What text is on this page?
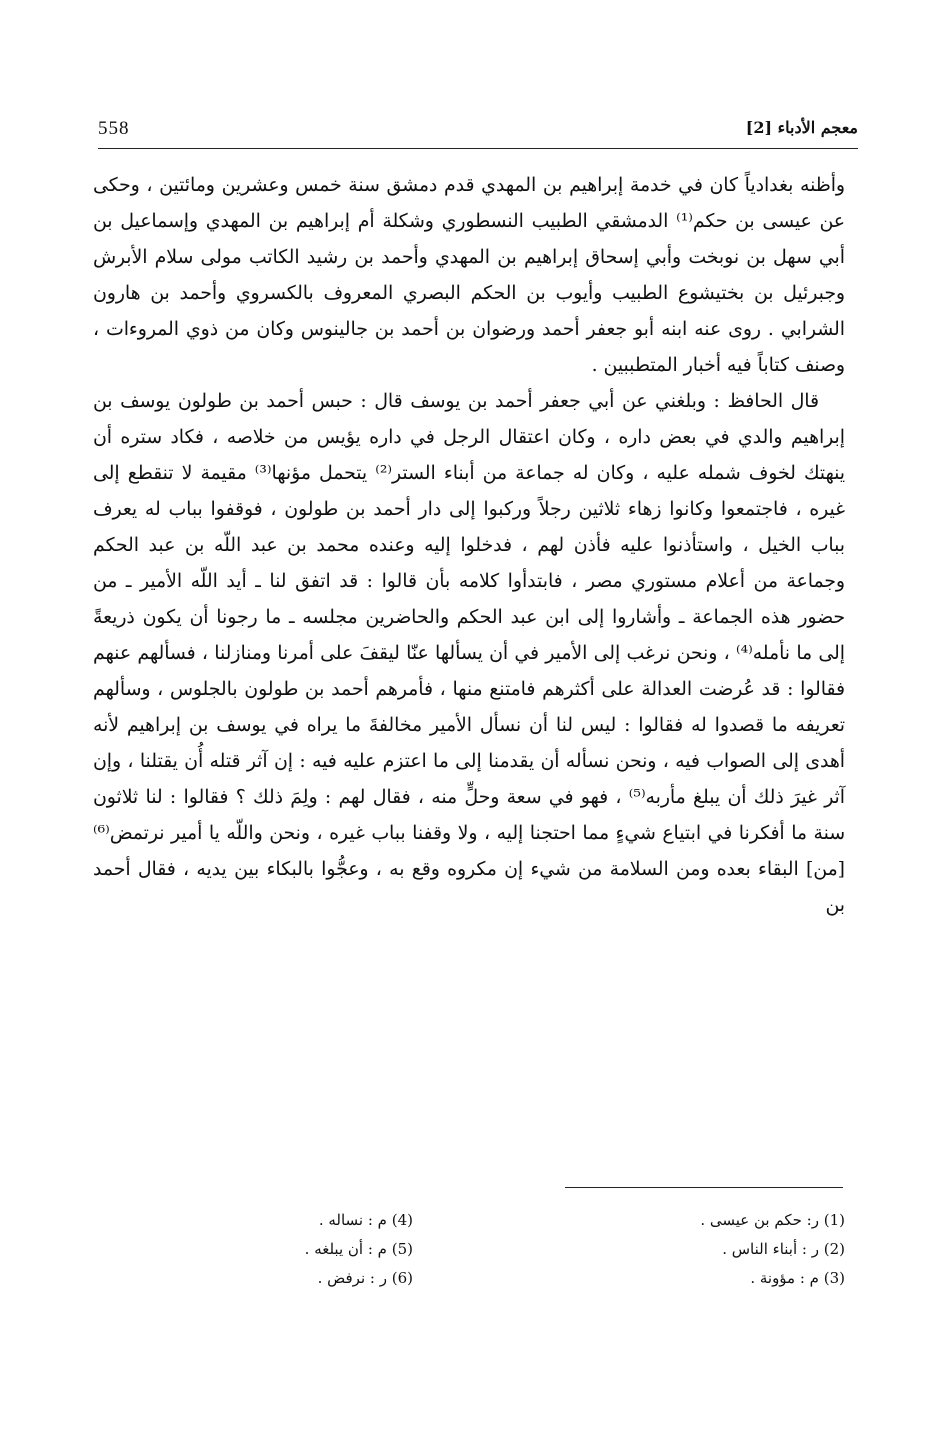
558	معجم الأدباء [2]

وأظنه بغدادياً كان في خدمة إبراهيم بن المهدي قدم دمشق سنة خمس وعشرين ومائتين ، وحكى عن عيسى بن حكم⁽¹⁾ الدمشقي الطبيب النسطوري وشكلة أم إبراهيم بن المهدي وإسماعيل بن أبي سهل بن نوبخت وأبي إسحاق إبراهيم بن المهدي وأحمد بن رشيد الكاتب مولى سلام الأبرش وجبرئيل بن بختيشوع الطبيب وأيوب بن الحكم البصري المعروف بالكسروي وأحمد بن هارون الشرابي . روى عنه ابنه أبو جعفر أحمد ورضوان بن أحمد بن جالينوس وكان من ذوي المروءات ، وصنف كتاباً فيه أخبار المتطببين .

قال الحافظ : وبلغني عن أبي جعفر أحمد بن يوسف قال : حبس أحمد بن طولون يوسف بن إبراهيم والدي في بعض داره ، وكان اعتقال الرجل في داره يؤيس من خلاصه ، فكاد ستره أن ينهتك لخوف شمله عليه ، وكان له جماعة من أبناء الستر⁽²⁾ يتحمل مؤنها⁽³⁾ مقيمة لا تنقطع إلى غيره ، فاجتمعوا وكانوا زهاء ثلاثين رجلاً وركبوا إلى دار أحمد بن طولون ، فوقفوا بباب له يعرف بباب الخيل ، واستأذنوا عليه فأذن لهم ، فدخلوا إليه وعنده محمد بن عبد اللّه بن عبد الحكم وجماعة من أعلام مستوري مصر ، فابتدأوا كلامه بأن قالوا : قد اتفق لنا ـ أيد اللّه الأمير ـ من حضور هذه الجماعة ـ وأشاروا إلى ابن عبد الحكم والحاضرين مجلسه ـ ما رجونا أن يكون ذريعةً إلى ما نأمله⁽⁴⁾ ، ونحن نرغب إلى الأمير في أن يسألها عنّا ليقفَ على أمرنا ومنازلنا ، فسألهم عنهم فقالوا : قد عُرضت العدالة على أكثرهم فامتنع منها ، فأمرهم أحمد بن طولون بالجلوس ، وسألهم تعريفه ما قصدوا له فقالوا : ليس لنا أن نسأل الأمير مخالفةَ ما يراه في يوسف بن إبراهيم لأنه أهدى إلى الصواب فيه ، ونحن نسأله أن يقدمنا إلى ما اعتزم عليه فيه : إن آثر قتله أُن يقتلنا ، وإن آثر غيرَ ذلك أن يبلغ مأربه⁽⁵⁾ ، فهو في سعة وحلٍّ منه ، فقال لهم : ولِمَ ذلك ؟ فقالوا : لنا ثلاثون سنة ما أفكرنا في ابتياع شيءٍ مما احتجنا إليه ، ولا وقفنا بباب غيره ، ونحن واللّه يا أمير نرتمض⁽⁶⁾ [من] البقاء بعده ومن السلامة من شيء إن مكروه وقع به ، وعجُّوا بالبكاء بين يديه ، فقال أحمد بن

(1) ر: حكم بن عيسى .

(2) ر : أبناء الناس .

(3) م : مؤونة .

(4) م : نساله .

(5) م : أن يبلغه .

(6) ر : نرفض .
